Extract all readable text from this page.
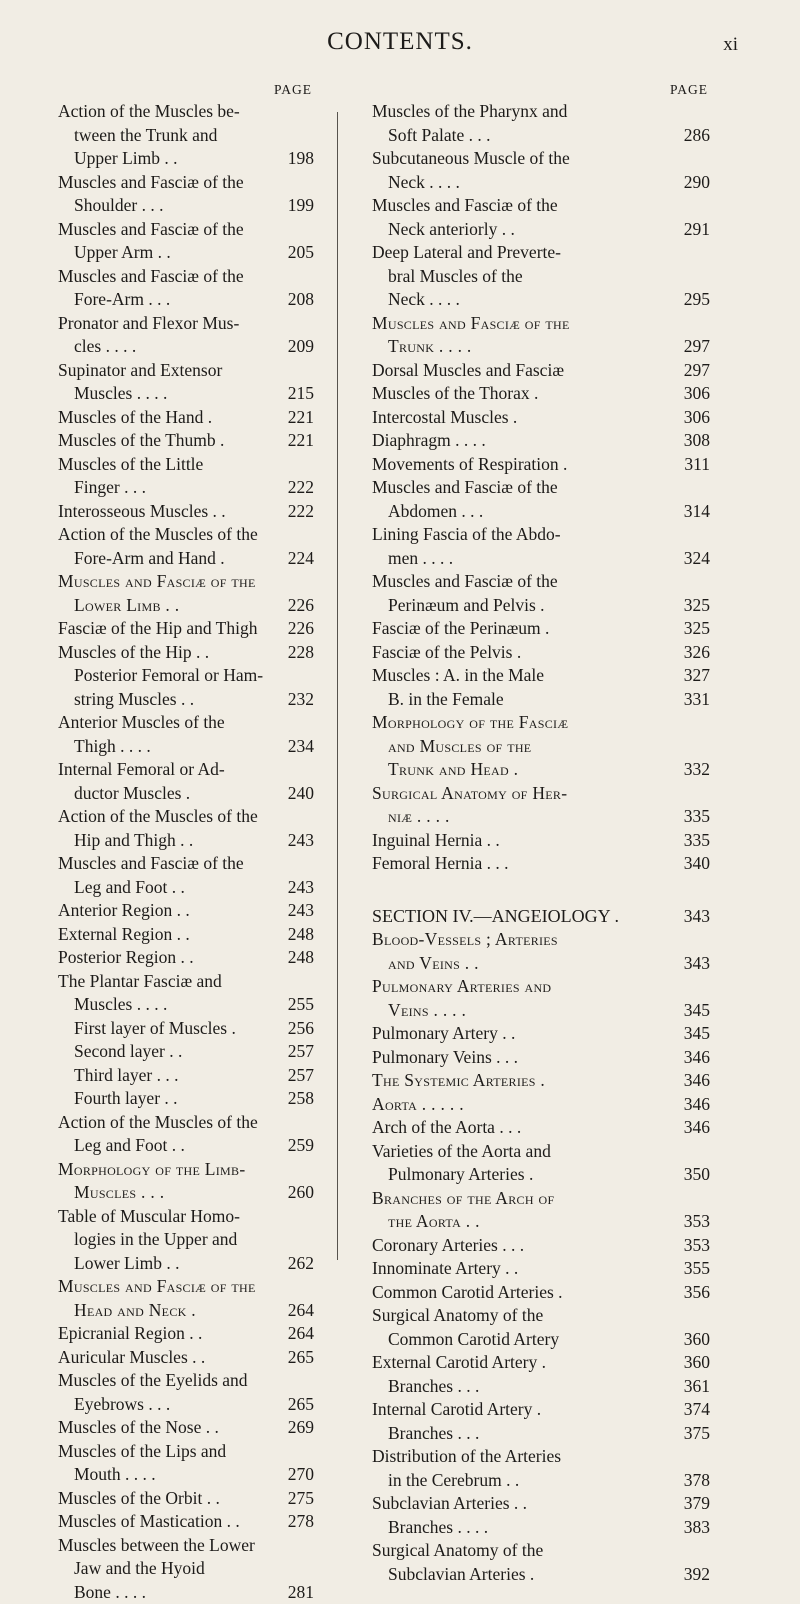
CONTENTS.	xi
PAGE
Action of the Muscles be-
tween the Trunk and
Upper Limb . .	198
Muscles and Fasciæ of the
Shoulder . . .	199
Muscles and Fasciæ of the
Upper Arm . .	205
Muscles and Fasciæ of the
Fore-Arm . . .	208
Pronator and Flexor Mus-
cles . . . .	209
Supinator and Extensor
Muscles . . . .	215
Muscles of the Hand .	221
Muscles of the Thumb .	221
Muscles of the Little
Finger . . .	222
Interosseous Muscles . .	222
Action of the Muscles of the
Fore-Arm and Hand .	224
Muscles and Fasciæ of the
Lower Limb . .	226
Fasciæ of the Hip and Thigh 226
Muscles of the Hip . .	228
Posterior Femoral or Ham-
string Muscles . .	232
Anterior Muscles of the
Thigh . . . .	234
Internal Femoral or Ad-
ductor Muscles .	240
Action of the Muscles of the
Hip and Thigh . .	243
Muscles and Fasciæ of the
Leg and Foot . .	243
Anterior Region . .	243
External Region . .	248
Posterior Region . .	248
The Plantar Fasciæ and
Muscles . . . .	255
First layer of Muscles .	256
Second layer . .	257
Third layer . . .	257
Fourth layer . .	258
Action of the Muscles of the
Leg and Foot . .	259
Morphology of the Limb-
Muscles . . .	260
Table of Muscular Homo-
logies in the Upper and
Lower Limb . .	262
Muscles and Fasciæ of the
Head and Neck .	264
Epicranial Region . .	264
Auricular Muscles . .	265
Muscles of the Eyelids and
Eyebrows . . .	265
Muscles of the Nose . .	269
Muscles of the Lips and
Mouth . . . .	270
Muscles of the Orbit . .	275
Muscles of Mastication . .	278
Muscles between the Lower
Jaw and the Hyoid
Bone . . . .	281
PAGE
Muscles of the Pharynx and
Soft Palate . . .	286
Subcutaneous Muscle of the
Neck . . . .	290
Muscles and Fasciæ of the
Neck anteriorly . .	291
Deep Lateral and Preverte-
bral Muscles of the
Neck . . . .	295
Muscles and Fasciæ of the
Trunk . . . .	297
Dorsal Muscles and Fasciæ	297
Muscles of the Thorax .	306
Intercostal Muscles .	306
Diaphragm . . . .	308
Movements of Respiration .	311
Muscles and Fasciæ of the
Abdomen . . .	314
Lining Fascia of the Abdo-
men . . . .	324
Muscles and Fasciæ of the
Perinæum and Pelvis .	325
Fasciæ of the Perinæum .	325
Fasciæ of the Pelvis .	326
Muscles : A. in the Male	327
B. in the Female	331
Morphology of the Fasciæ
and Muscles of the
Trunk and Head .	332
Surgical Anatomy of Her-
niæ . . . .	335
Inguinal Hernia . .	335
Femoral Hernia . . .	340
SECTION IV.—ANGEIOLOGY .	343
Blood-Vessels ; Arteries
and Veins . .	343
Pulmonary Arteries and
Veins . . . .	345
Pulmonary Artery . .	345
Pulmonary Veins . . .	346
The Systemic Arteries .	346
Aorta . . . . .	346
Arch of the Aorta . . .	346
Varieties of the Aorta and
Pulmonary Arteries .	350
Branches of the Arch of
the Aorta . .	353
Coronary Arteries . . .	353
Innominate Artery . .	355
Common Carotid Arteries .	356
Surgical Anatomy of the
Common Carotid Artery	360
External Carotid Artery .	360
Branches . . .	361
Internal Carotid Artery .	374
Branches . . .	375
Distribution of the Arteries
in the Cerebrum . .	378
Subclavian Arteries . .	379
Branches . . . .	383
Surgical Anatomy of the
Subclavian Arteries .	392
